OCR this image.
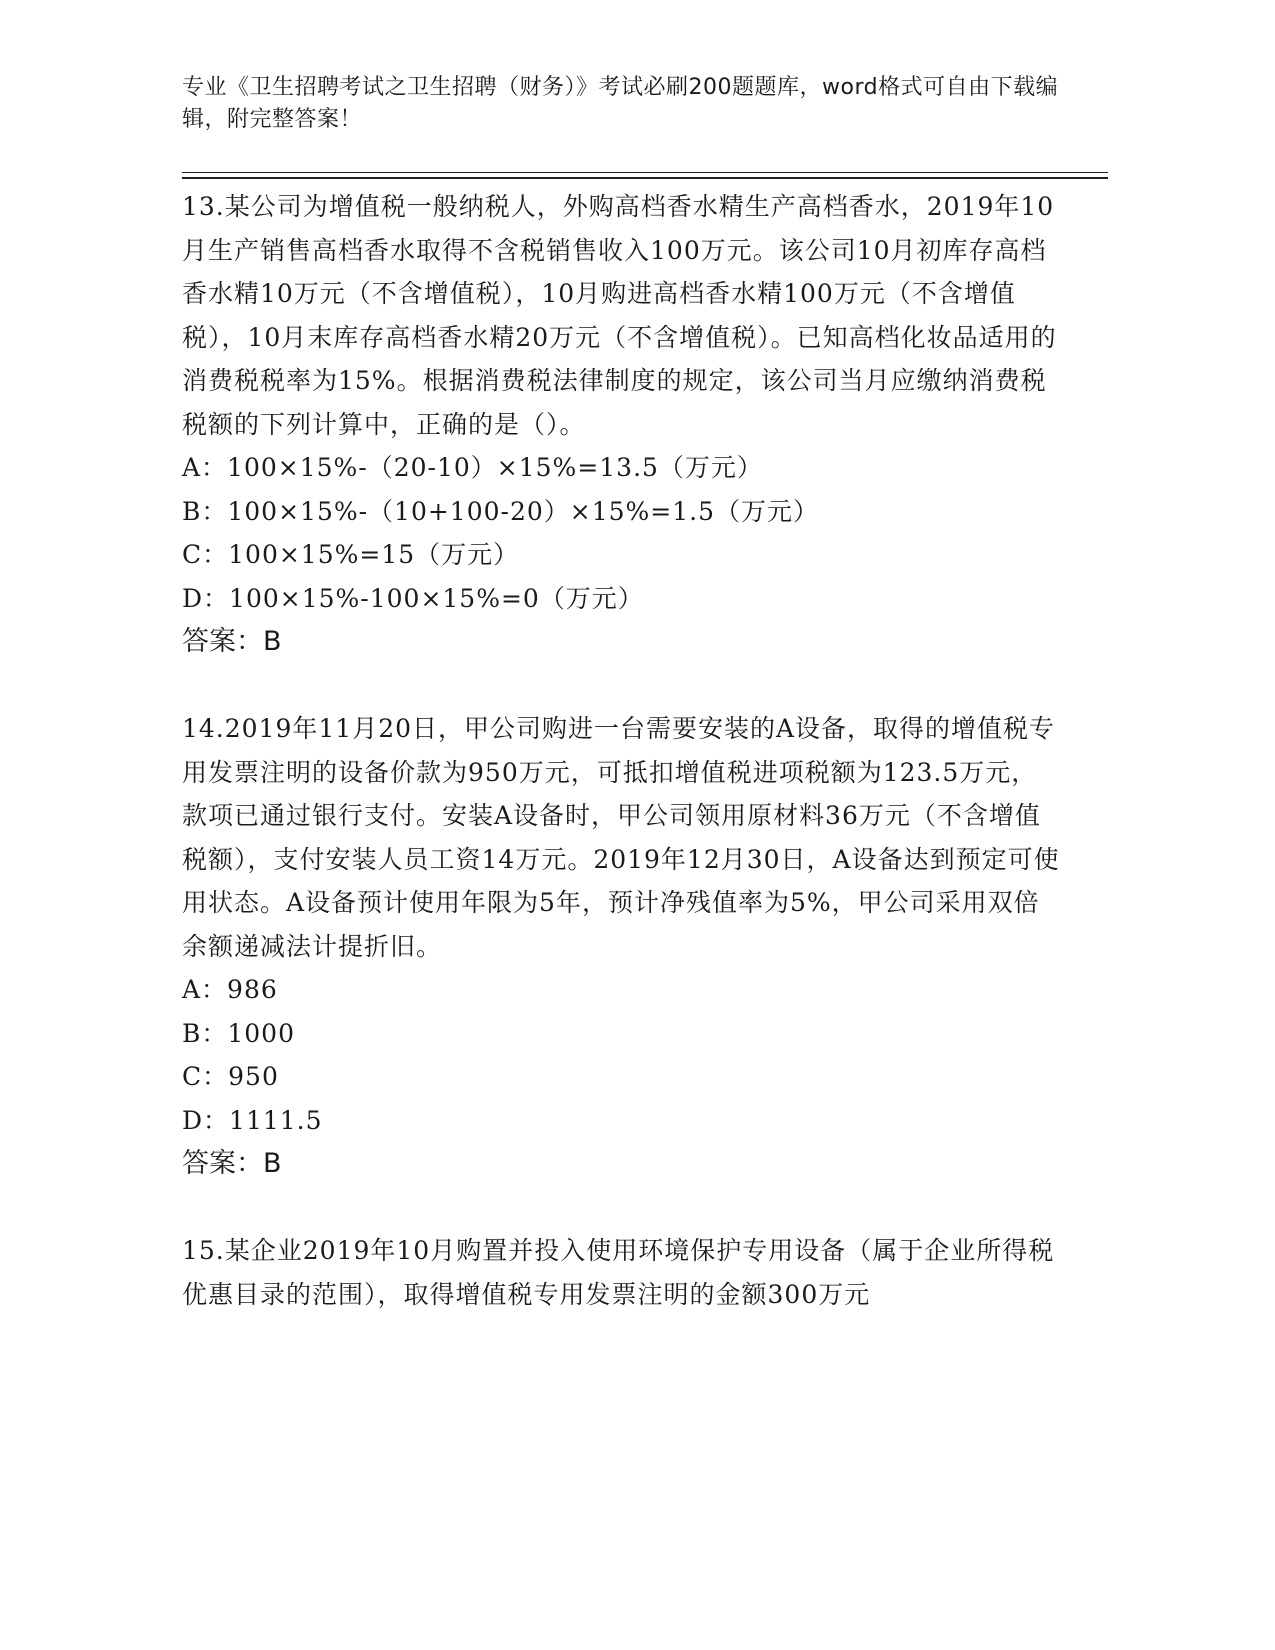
专业《卫生招聘考试之卫生招聘（财务）》考试必刷200题题库，word格式可自由下载编辑，附完整答案！

13.某公司为增值税一般纳税人，外购高档香水精生产高档香水，2019年10月生产销售高档香水取得不含税销售收入100万元。该公司10月初库存高档香水精10万元（不含增值税），10月购进高档香水精100万元（不含增值税），10月末库存高档香水精20万元（不含增值税）。已知高档化妆品适用的消费税税率为15%。根据消费税法律制度的规定，该公司当月应缴纳消费税税额的下列计算中，正确的是（）。

A：100×15%-（20-10）×15%=13.5（万元）

B：100×15%-（10+100-20）×15%=1.5（万元）

C：100×15%=15（万元）

D：100×15%-100×15%=0（万元）

答案：B

14.2019年11月20日，甲公司购进一台需要安装的A设备，取得的增值税专用发票注明的设备价款为950万元，可抵扣增值税进项税额为123.5万元，款项已通过银行支付。安装A设备时，甲公司领用原材料36万元（不含增值税额），支付安装人员工资14万元。2019年12月30日，A设备达到预定可使用状态。A设备预计使用年限为5年，预计净残值率为5%，甲公司采用双倍余额递减法计提折旧。

A：986

B：1000

C：950

D：1111.5

答案：B

15.某企业2019年10月购置并投入使用环境保护专用设备（属于企业所得税优惠目录的范围），取得增值税专用发票注明的金额300万元
